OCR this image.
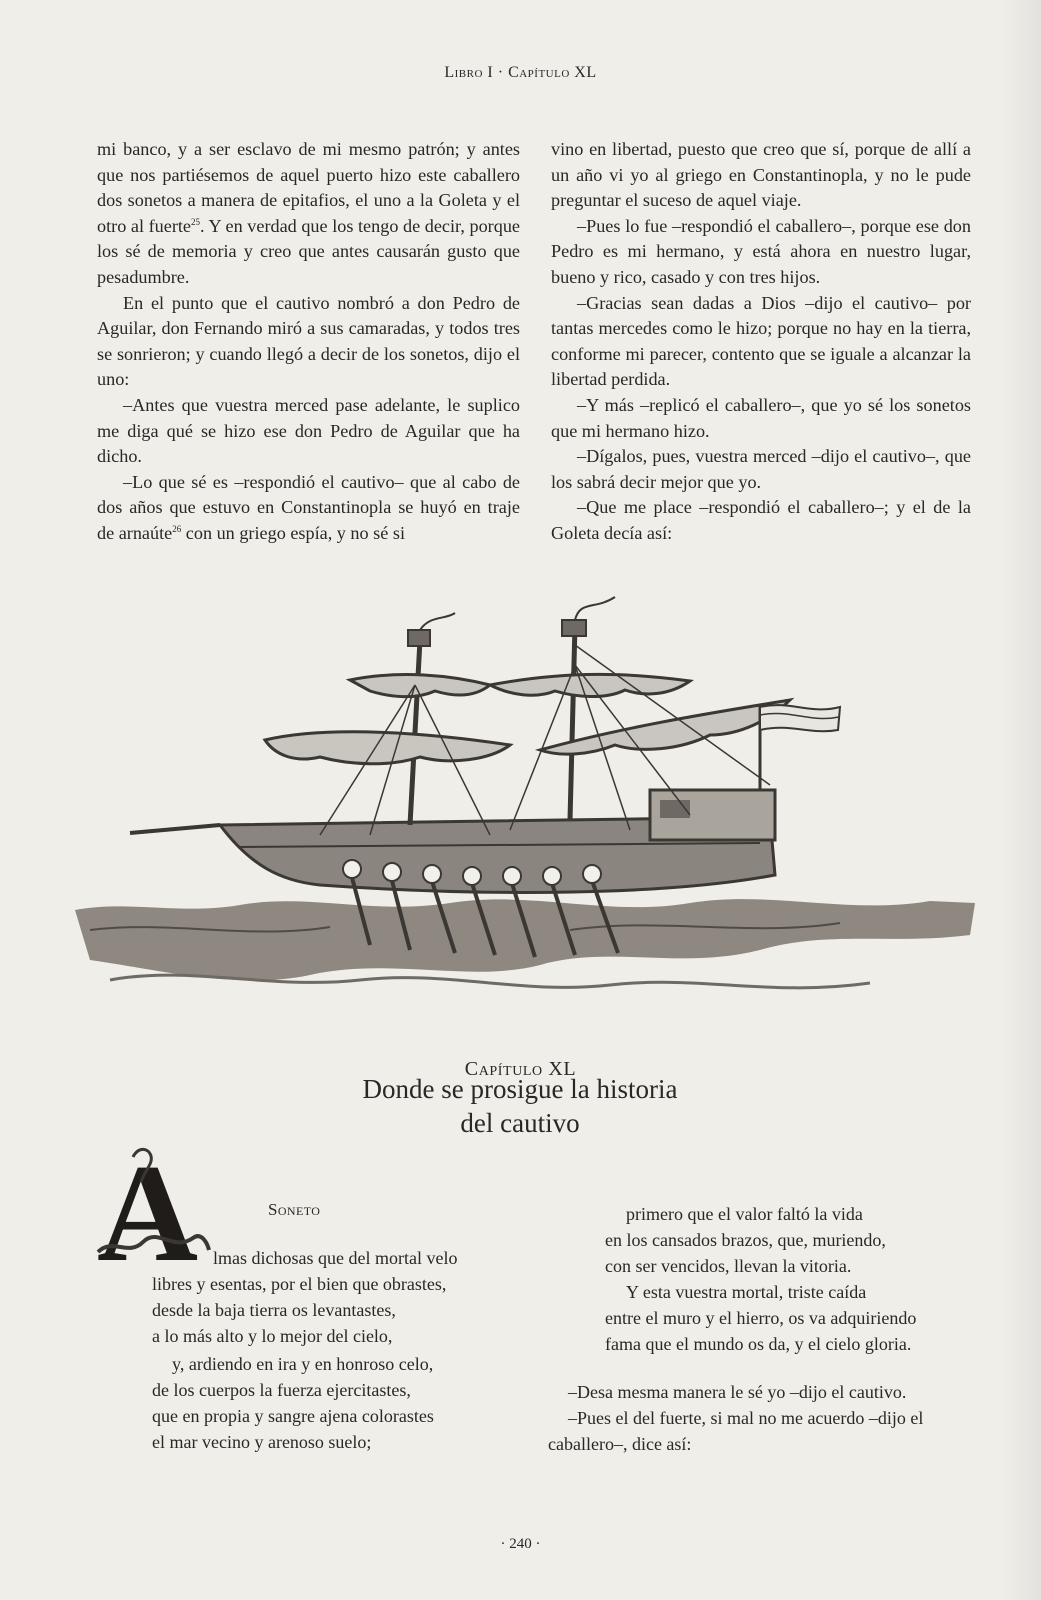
Libro I · Capítulo XL

mi banco, y a ser esclavo de mi mesmo patrón; y antes que nos partiésemos de aquel puerto hizo este caballero dos sonetos a manera de epitafios, el uno a la Goleta y el otro al fuerte$^{25}$. Y en verdad que los tengo de decir, porque los sé de memoria y creo que antes causarán gusto que pesadumbre.

En el punto que el cautivo nombró a don Pedro de Aguilar, don Fernando miró a sus camaradas, y todos tres se sonrieron; y cuando llegó a decir de los sonetos, dijo el uno:

–Antes que vuestra merced pase adelante, le suplico me diga qué se hizo ese don Pedro de Aguilar que ha dicho.

–Lo que sé es –respondió el cautivo– que al cabo de dos años que estuvo en Constantinopla se huyó en traje de arnaúte$^{26}$ con un griego espía, y no sé si

vino en libertad, puesto que creo que sí, porque de allí a un año vi yo al griego en Constantinopla, y no le pude preguntar el suceso de aquel viaje.

–Pues lo fue –respondió el caballero–, porque ese don Pedro es mi hermano, y está ahora en nuestro lugar, bueno y rico, casado y con tres hijos.

–Gracias sean dadas a Dios –dijo el cautivo– por tantas mercedes como le hizo; porque no hay en la tierra, conforme mi parecer, contento que se iguale a alcanzar la libertad perdida.

–Y más –replicó el caballero–, que yo sé los sonetos que mi hermano hizo.

–Dígalos, pues, vuestra merced –dijo el cautivo–, que los sabrá decir mejor que yo.

–Que me place –respondió el caballero–; y el de la Goleta decía así:

Capítulo XL
Donde se prosigue la historia
del cautivo
A	Soneto
lmas dichosas que del mortal velo
libres y esentas, por el bien que obrastes,
desde la baja tierra os levantastes,
a lo más alto y lo mejor del cielo,
y, ardiendo en ira y en honroso celo,
de los cuerpos la fuerza ejercitastes,
que en propia y sangre ajena colorastes
el mar vecino y arenoso suelo;
primero que el valor faltó la vida
en los cansados brazos, que, muriendo,
con ser vencidos, llevan la vitoria.
Y esta vuestra mortal, triste caída
entre el muro y el hierro, os va adquiriendo
fama que el mundo os da, y el cielo gloria.
–Desa mesma manera le sé yo –dijo el cautivo.
–Pues el del fuerte, si mal no me acuerdo –dijo el
caballero–, dice así:
· 240 ·
